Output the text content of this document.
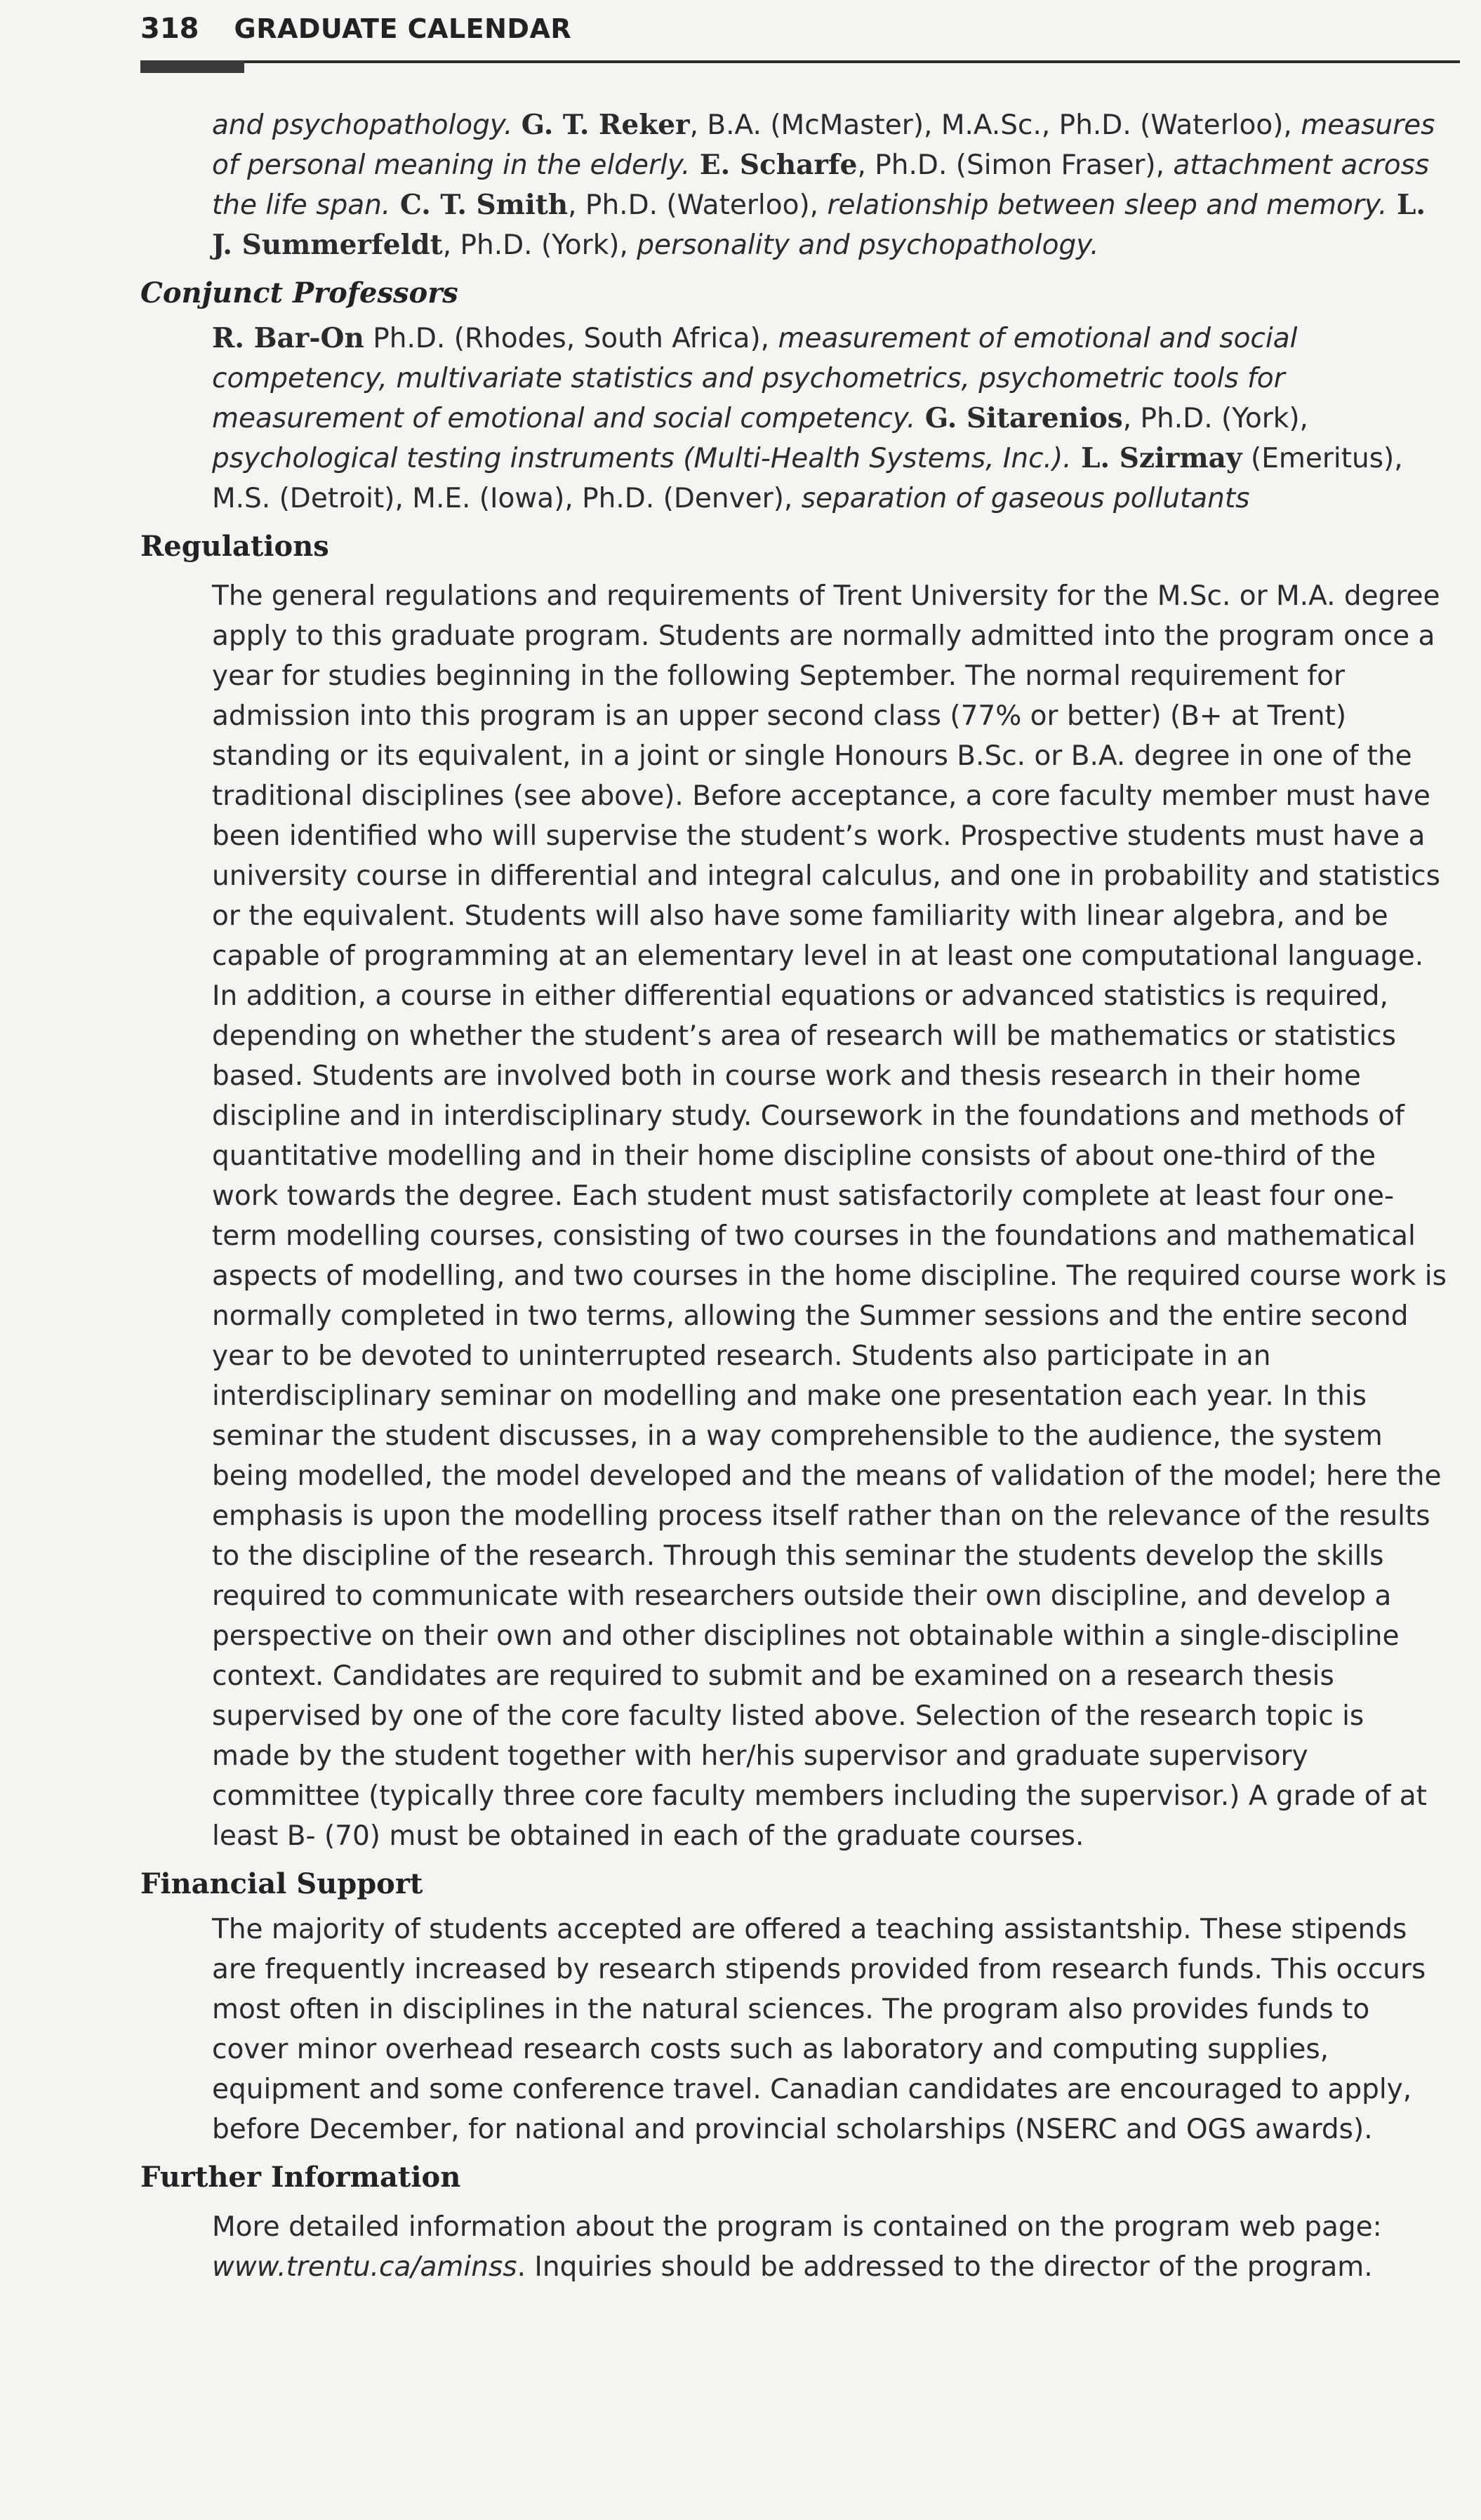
318 GRADUATE CALENDAR
and psychopathology. G. T. Reker, B.A. (McMaster), M.A.Sc., Ph.D. (Waterloo), measures of personal meaning in the elderly. E. Scharfe, Ph.D. (Simon Fraser), attachment across the life span. C. T. Smith, Ph.D. (Waterloo), relationship between sleep and memory. L. J. Summerfeldt, Ph.D. (York), personality and psychopathology.
Conjunct Professors
R. Bar-On Ph.D. (Rhodes, South Africa), measurement of emotional and social competency, multivariate statistics and psychometrics, psychometric tools for measurement of emotional and social competency. G. Sitarenios, Ph.D. (York), psychological testing instruments (Multi-Health Systems, Inc.). L. Szirmay (Emeritus), M.S. (Detroit), M.E. (Iowa), Ph.D. (Denver), separation of gaseous pollutants
Regulations
The general regulations and requirements of Trent University for the M.Sc. or M.A. degree apply to this graduate program. Students are normally admitted into the program once a year for studies beginning in the following September. The normal requirement for admission into this program is an upper second class (77% or better) (B+ at Trent) standing or its equivalent, in a joint or single Honours B.Sc. or B.A. degree in one of the traditional disciplines (see above). Before acceptance, a core faculty member must have been identified who will supervise the student’s work. Prospective students must have a university course in differential and integral calculus, and one in probability and statistics or the equivalent. Students will also have some familiarity with linear algebra, and be capable of programming at an elementary level in at least one computational language. In addition, a course in either differential equations or advanced statistics is required, depending on whether the student’s area of research will be mathematics or statistics based. Students are involved both in course work and thesis research in their home discipline and in interdisciplinary study. Coursework in the foundations and methods of quantitative modelling and in their home discipline consists of about one-third of the work towards the degree. Each student must satisfactorily complete at least four one-term modelling courses, consisting of two courses in the foundations and mathematical aspects of modelling, and two courses in the home discipline. The required course work is normally completed in two terms, allowing the Summer sessions and the entire second year to be devoted to uninterrupted research. Students also participate in an interdisciplinary seminar on modelling and make one presentation each year. In this seminar the student discusses, in a way comprehensible to the audience, the system being modelled, the model developed and the means of validation of the model; here the emphasis is upon the modelling process itself rather than on the relevance of the results to the discipline of the research. Through this seminar the students develop the skills required to communicate with researchers outside their own discipline, and develop a perspective on their own and other disciplines not obtainable within a single-discipline context. Candidates are required to submit and be examined on a research thesis supervised by one of the core faculty listed above. Selection of the research topic is made by the student together with her/his supervisor and graduate supervisory committee (typically three core faculty members including the supervisor.) A grade of at least B- (70) must be obtained in each of the graduate courses.
Financial Support
The majority of students accepted are offered a teaching assistantship. These stipends are frequently increased by research stipends provided from research funds. This occurs most often in disciplines in the natural sciences. The program also provides funds to cover minor overhead research costs such as laboratory and computing supplies, equipment and some conference travel. Canadian candidates are encouraged to apply, before December, for national and provincial scholarships (NSERC and OGS awards).
Further Information
More detailed information about the program is contained on the program web page: www.trentu.ca/aminss. Inquiries should be addressed to the director of the program.
